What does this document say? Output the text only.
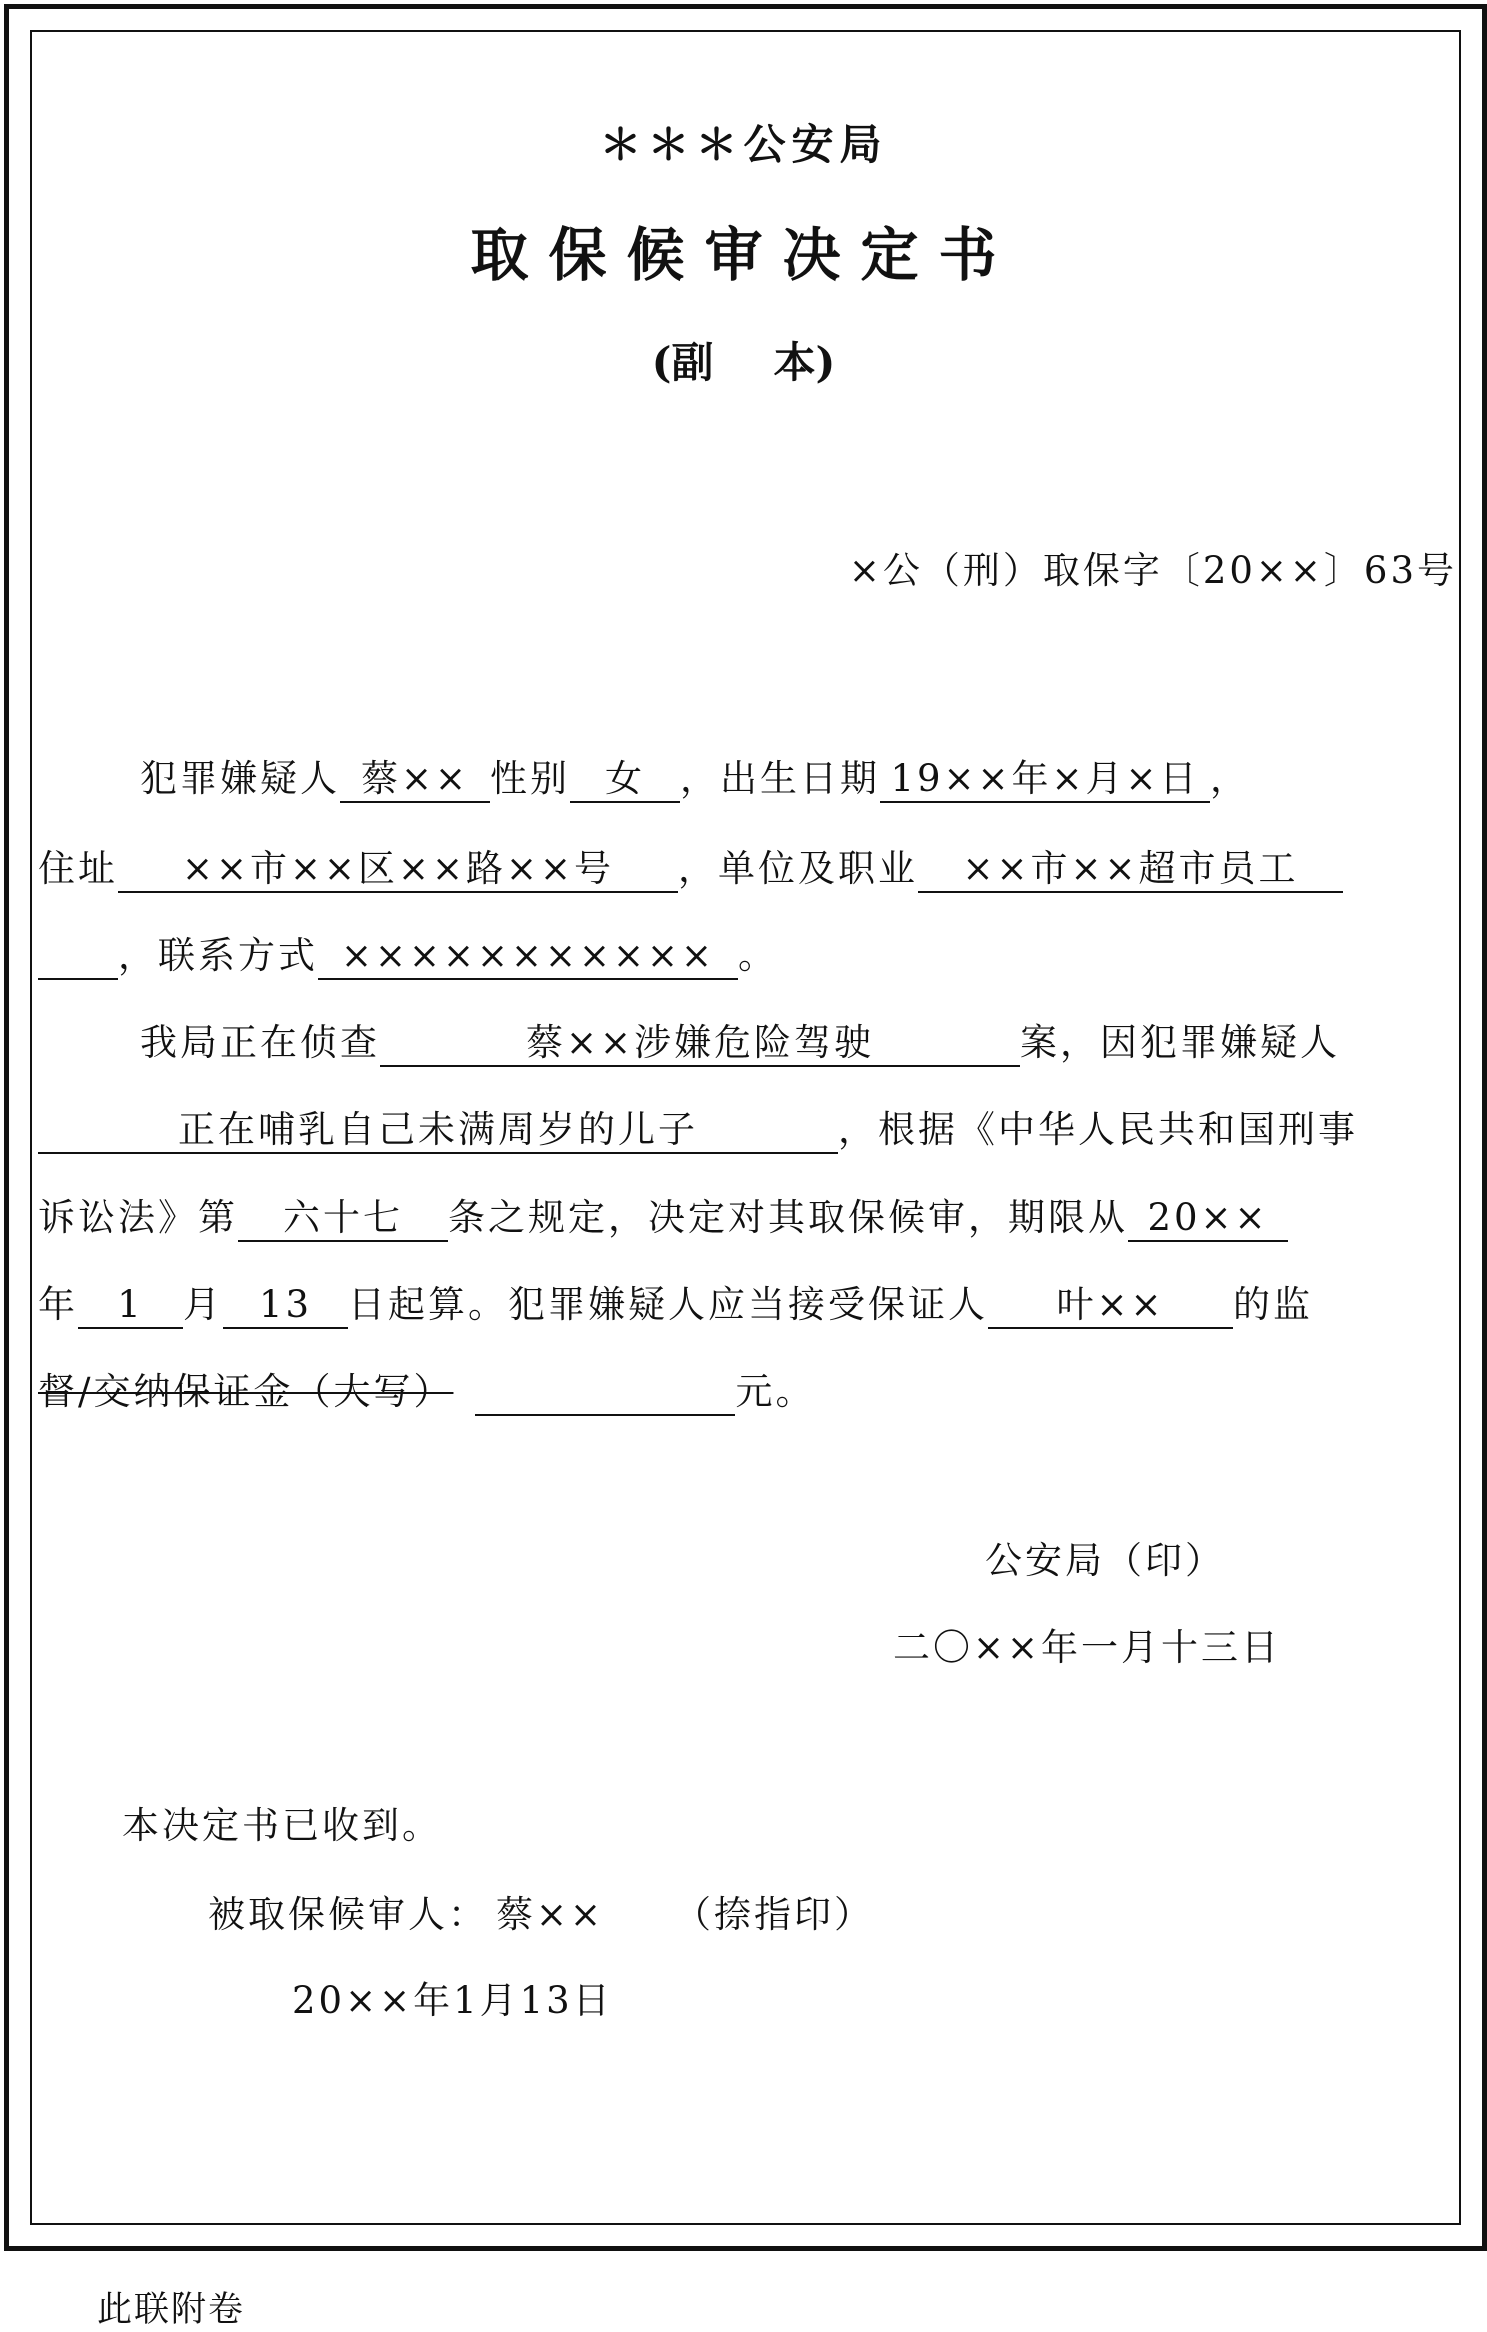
＊＊＊公安局
取保候审决定书
(副 本)
×公（刑）取保字〔20××〕63号
犯罪嫌疑人 蔡×× 性别 女 ，出生日期 19××年×月×日 ，
住址 ××市××区××路××号 ，单位及职业 ××市××超市员工
，联系方式 ××××××××××× 。
我局正在侦查	蔡××涉嫌危险驾驶	案，因犯罪嫌疑人
正在哺乳自己未满周岁的儿子	，根据《中华人民共和国刑事
诉讼法》第 六十七 条之规定，决定对其取保候审，期限从 20××
年 1 月 13 日起算。犯罪嫌疑人应当接受保证人 叶×× 的监
督/交纳保证金（大写）	元。
公安局（印）
二〇××年一月十三日
本决定书已收到。
被取保候审人： 蔡×× （捺指印）
20××年1月13日
此联附卷
